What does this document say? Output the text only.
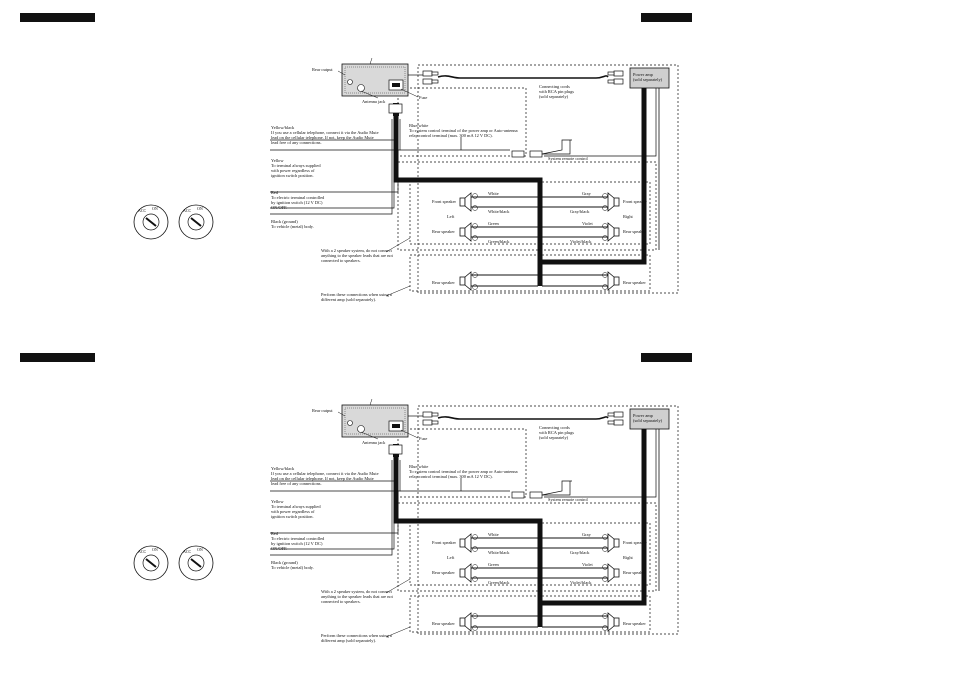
ACC ON	ACC ON
Rear output
Antenna jack
Fuse
Connecting cords
with RCA pin plugs
(sold separately)
Power amp
(sold separately)
Blue/white
To system control terminal of the power amp or Auto-antenna
relay control terminal (max. 300 mA 12 V DC).
System remote control
Yellow/black
If you use a cellular telephone, connect it via the Audio Mute
lead on the cellular telephone. If not, keep the Audio Mute
lead free of any connections.
Yellow
To terminal always supplied
with power regardless of
ignition switch position.
Red
To electric terminal controlled
by ignition switch (12 V DC)
ON/OFF.
Black (ground)
To vehicle (metal) body.
Front speaker
Left
Rear speaker
Front speaker
Right
Rear speaker
White
White/black
Green
Green/black
Gray
Gray/black
Violet
Violet/black
With a 2 speaker system, do not connect
anything to the speaker leads that are not
connected to speakers.
Rear speaker	Rear speaker
Perform these connections when using a
different amp (sold separately).
ACC ON	ACC ON
Rear output
Antenna jack
Fuse
Connecting cords
with RCA pin plugs
(sold separately)
Power amp
(sold separately)
Blue/white
To system control terminal of the power amp or Auto-antenna
relay control terminal (max. 300 mA 12 V DC).
System remote control
Yellow/black
If you use a cellular telephone, connect it via the Audio Mute
lead on the cellular telephone. If not, keep the Audio Mute
lead free of any connections.
Yellow
To terminal always supplied
with power regardless of
ignition switch position.
Red
To electric terminal controlled
by ignition switch (12 V DC)
ON/OFF.
Black (ground)
To vehicle (metal) body.
Front speaker
Left
Rear speaker
Front speaker
Right
Rear speaker
White
White/black
Green
Green/black
Gray
Gray/black
Violet
Violet/black
With a 2 speaker system, do not connect
anything to the speaker leads that are not
connected to speakers.
Rear speaker	Rear speaker
Perform these connections when using a
different amp (sold separately).
